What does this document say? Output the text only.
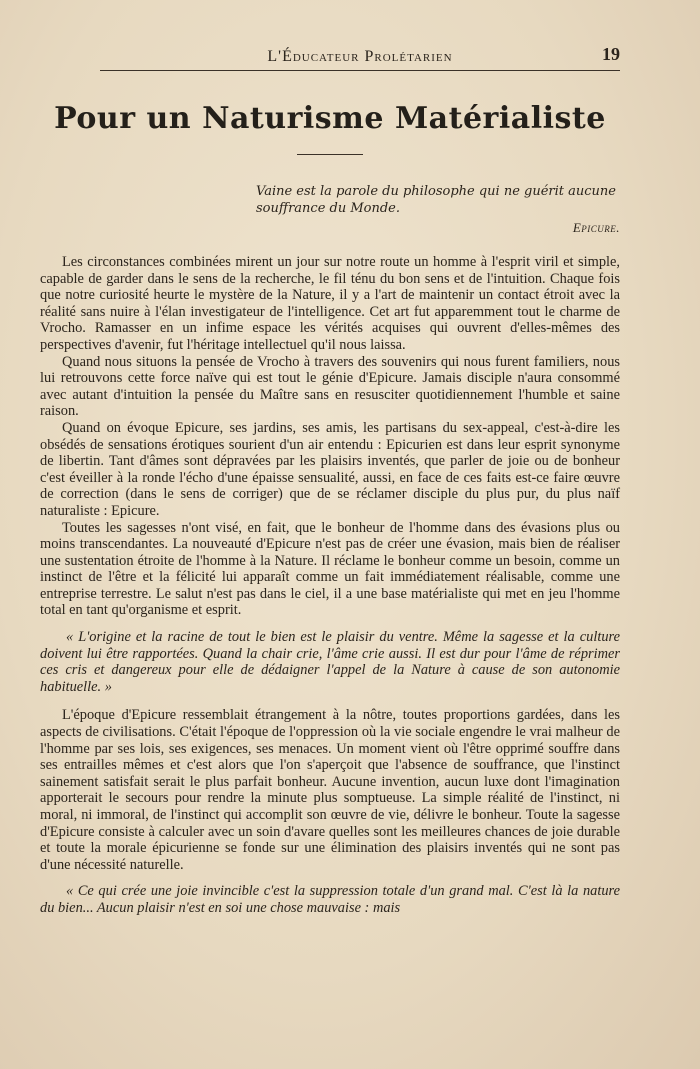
L'Éducateur Prolétarien	19
Pour un Naturisme Matérialiste
Vaine est la parole du philosophe qui ne guérit aucune souffrance du Monde.
Epicure.

Les circonstances combinées mirent un jour sur notre route un homme à l'esprit viril et simple, capable de garder dans le sens de la recherche, le fil ténu du bon sens et de l'intuition. Chaque fois que notre curiosité heurte le mystère de la Nature, il y a l'art de maintenir un contact étroit avec la réalité sans nuire à l'élan investigateur de l'intelligence. Cet art fut apparemment tout le charme de Vrocho. Ramasser en un infime espace les vérités acquises qui ouvrent d'elles-mêmes des perspectives d'avenir, fut l'héritage intellectuel qu'il nous laissa.

Quand nous situons la pensée de Vrocho à travers des souvenirs qui nous furent familiers, nous lui retrouvons cette force naïve qui est tout le génie d'Epicure. Jamais disciple n'aura consommé avec autant d'intuition la pensée du Maître sans en resusciter quotidiennement l'humble et saine raison.

Quand on évoque Epicure, ses jardins, ses amis, les partisans du sex-appeal, c'est-à-dire les obsédés de sensations érotiques sourient d'un air entendu : Epicurien est dans leur esprit synonyme de libertin. Tant d'âmes sont dépravées par les plaisirs inventés, que parler de joie ou de bonheur c'est éveiller à la ronde l'écho d'une épaisse sensualité, aussi, en face de ces faits est-ce faire œuvre de correction (dans le sens de corriger) que de se réclamer disciple du plus pur, du plus naïf naturaliste : Epicure.

Toutes les sagesses n'ont visé, en fait, que le bonheur de l'homme dans des évasions plus ou moins transcendantes. La nouveauté d'Epicure n'est pas de créer une évasion, mais bien de réaliser une sustentation étroite de l'homme à la Nature. Il réclame le bonheur comme un besoin, comme un instinct de l'être et la félicité lui apparaît comme un fait immédiatement réalisable, comme une entreprise terrestre. Le salut n'est pas dans le ciel, il a une base matérialiste qui met en jeu l'homme total en tant qu'organisme et esprit.

« L'origine et la racine de tout le bien est le plaisir du ventre. Même la sagesse et la culture doivent lui être rapportées. Quand la chair crie, l'âme crie aussi. Il est dur pour l'âme de réprimer ces cris et dangereux pour elle de dédaigner l'appel de la Nature à cause de son autonomie habituelle. »

L'époque d'Epicure ressemblait étrangement à la nôtre, toutes proportions gardées, dans les aspects de civilisations. C'était l'époque de l'oppression où la vie sociale engendre le vrai malheur de l'homme par ses lois, ses exigences, ses menaces. Un moment vient où l'être opprimé souffre dans ses entrailles mêmes et c'est alors que l'on s'aperçoit que l'absence de souffrance, que l'instinct sainement satisfait serait le plus parfait bonheur. Aucune invention, aucun luxe dont l'imagination apporterait le secours pour rendre la minute plus somptueuse. La simple réalité de l'instinct, ni moral, ni immoral, de l'instinct qui accomplit son œuvre de vie, délivre le bonheur. Toute la sagesse d'Epicure consiste à calculer avec un soin d'avare quelles sont les meilleures chances de joie durable et toute la morale épicurienne se fonde sur une élimination des plaisirs inventés qui ne sont pas d'une nécessité naturelle.

« Ce qui crée une joie invincible c'est la suppression totale d'un grand mal. C'est là la nature du bien... Aucun plaisir n'est en soi une chose mauvaise : mais
